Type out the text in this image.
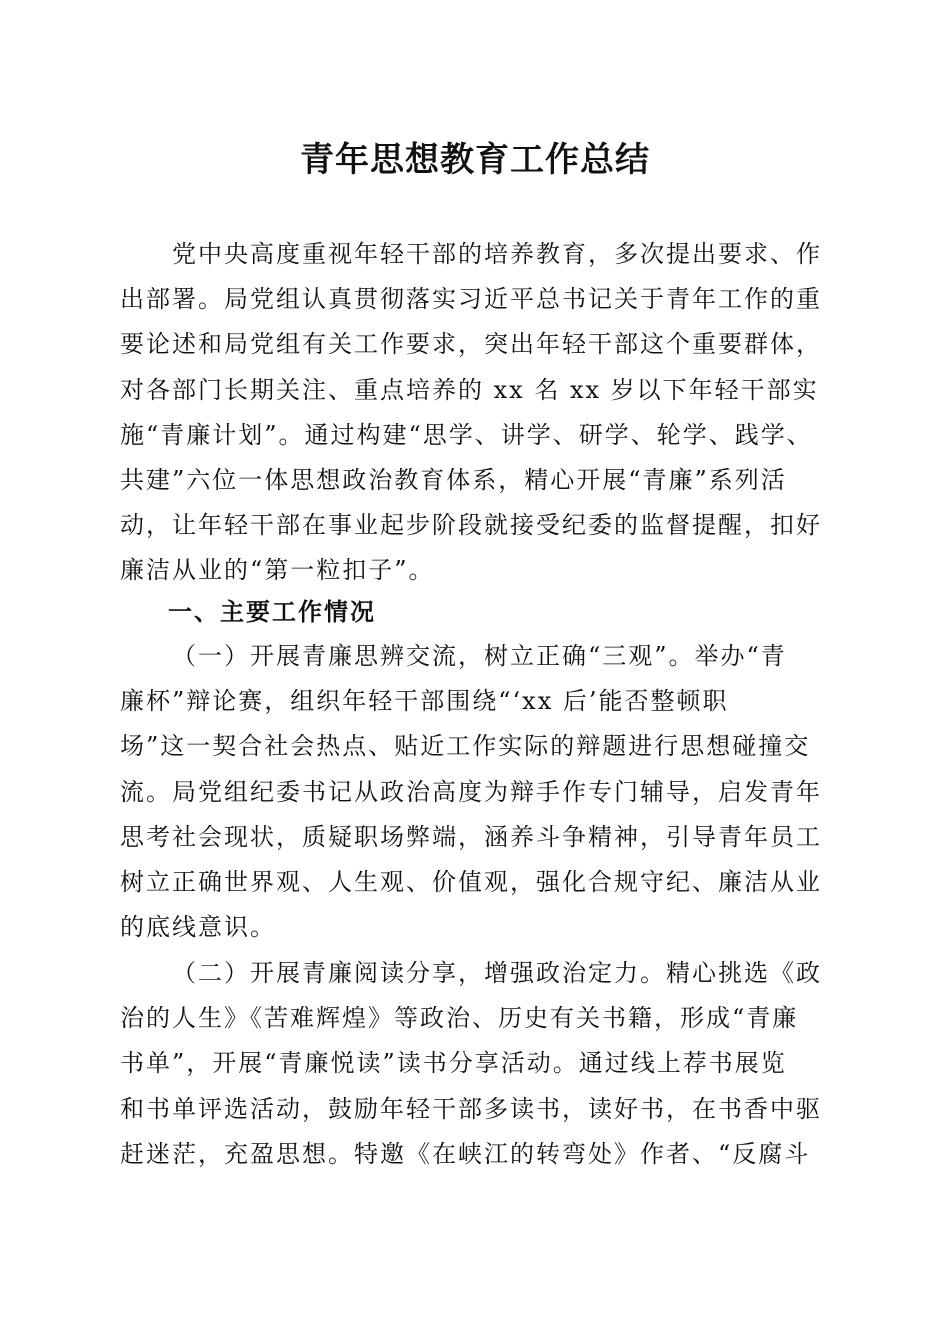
青年思想教育工作总结
党中央高度重视年轻干部的培养教育，多次提出要求、作
出部署。局党组认真贯彻落实习近平总书记关于青年工作的重
要论述和局党组有关工作要求，突出年轻干部这个重要群体，
对各部门长期关注、重点培养的 xx 名 xx 岁以下年轻干部实
施“青廉计划”。通过构建“思学、讲学、研学、轮学、践学、
共建”六位一体思想政治教育体系，精心开展“青廉”系列活
动，让年轻干部在事业起步阶段就接受纪委的监督提醒，扣好
廉洁从业的“第一粒扣子”。
一、主要工作情况
（一）开展青廉思辨交流，树立正确“三观”。举办“青
廉杯”辩论赛，组织年轻干部围绕“‘xx 后’能否整顿职
场”这一契合社会热点、贴近工作实际的辩题进行思想碰撞交
流。局党组纪委书记从政治高度为辩手作专门辅导，启发青年
思考社会现状，质疑职场弊端，涵养斗争精神，引导青年员工
树立正确世界观、人生观、价值观，强化合规守纪、廉洁从业
的底线意识。
（二）开展青廉阅读分享，增强政治定力。精心挑选《政
治的人生》《苦难辉煌》等政治、历史有关书籍，形成“青廉
书单”，开展“青廉悦读”读书分享活动。通过线上荐书展览
和书单评选活动，鼓励年轻干部多读书，读好书，在书香中驱
赶迷茫，充盈思想。特邀《在峡江的转弯处》作者、“反腐斗
